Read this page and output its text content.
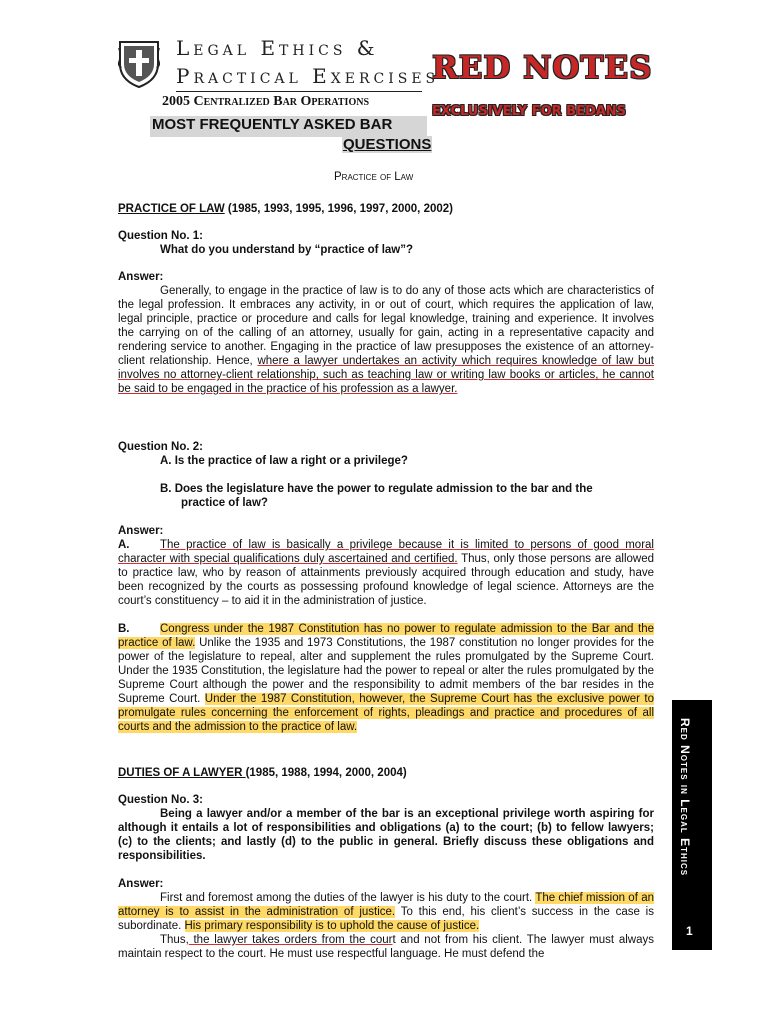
Legal Ethics &
Practical Exercises
2005 Centralized Bar Operations
MOST FREQUENTLY ASKED BAR
QUESTIONS
RED NOTES
EXCLUSIVELY FOR BEDANS
Practice of Law
PRACTICE OF LAW (1985, 1993, 1995, 1996, 1997, 2000, 2002)
Question No. 1:
What do you understand by “practice of law”?
Answer:
Generally, to engage in the practice of law is to do any of those acts which are characteristics of the legal profession. It embraces any activity, in or out of court, which requires the application of law, legal principle, practice or procedure and calls for legal knowledge, training and experience. It involves the carrying on of the calling of an attorney, usually for gain, acting in a representative capacity and rendering service to another. Engaging in the practice of law presupposes the existence of an attorney-client relationship. Hence, where a lawyer undertakes an activity which requires knowledge of law but involves no attorney-client relationship, such as teaching law or writing law books or articles, he cannot be said to be engaged in the practice of his profession as a lawyer.
Question No. 2:
A. Is the practice of law a right or a privilege?
B. Does the legislature have the power to regulate admission to the bar and the
practice of law?
Answer:
A.	The practice of law is basically a privilege because it is limited to persons of good moral character with special qualifications duly ascertained and certified. Thus, only those persons are allowed to practice law, who by reason of attainments previously acquired through education and study, have been recognized by the courts as possessing profound knowledge of legal science. Attorneys are the court’s constituency – to aid it in the administration of justice.
B.	Congress under the 1987 Constitution has no power to regulate admission to the Bar and the practice of law. Unlike the 1935 and 1973 Constitutions, the 1987 constitution no longer provides for the power of the legislature to repeal, alter and supplement the rules promulgated by the Supreme Court. Under the 1935 Constitution, the legislature had the power to repeal or alter the rules promulgated by the Supreme Court although the power and the responsibility to admit members of the bar resides in the Supreme Court. Under the 1987 Constitution, however, the Supreme Court has the exclusive power to promulgate rules concerning the enforcement of rights, pleadings and practice and procedures of all courts and the admission to the practice of law.
DUTIES OF A LAWYER (1985, 1988, 1994, 2000, 2004)
Question No. 3:
Being a lawyer and/or a member of the bar is an exceptional privilege worth aspiring for although it entails a lot of responsibilities and obligations (a) to the court; (b) to fellow lawyers; (c) to the clients; and lastly (d) to the public in general. Briefly discuss these obligations and responsibilities.
Answer:
First and foremost among the duties of the lawyer is his duty to the court. The chief mission of an attorney is to assist in the administration of justice. To this end, his client’s success in the case is subordinate. His primary responsibility is to uphold the cause of justice.
Thus, the lawyer takes orders from the court and not from his client. The lawyer must always maintain respect to the court. He must use respectful language. He must defend the
Red Notes in Legal Ethics
1
